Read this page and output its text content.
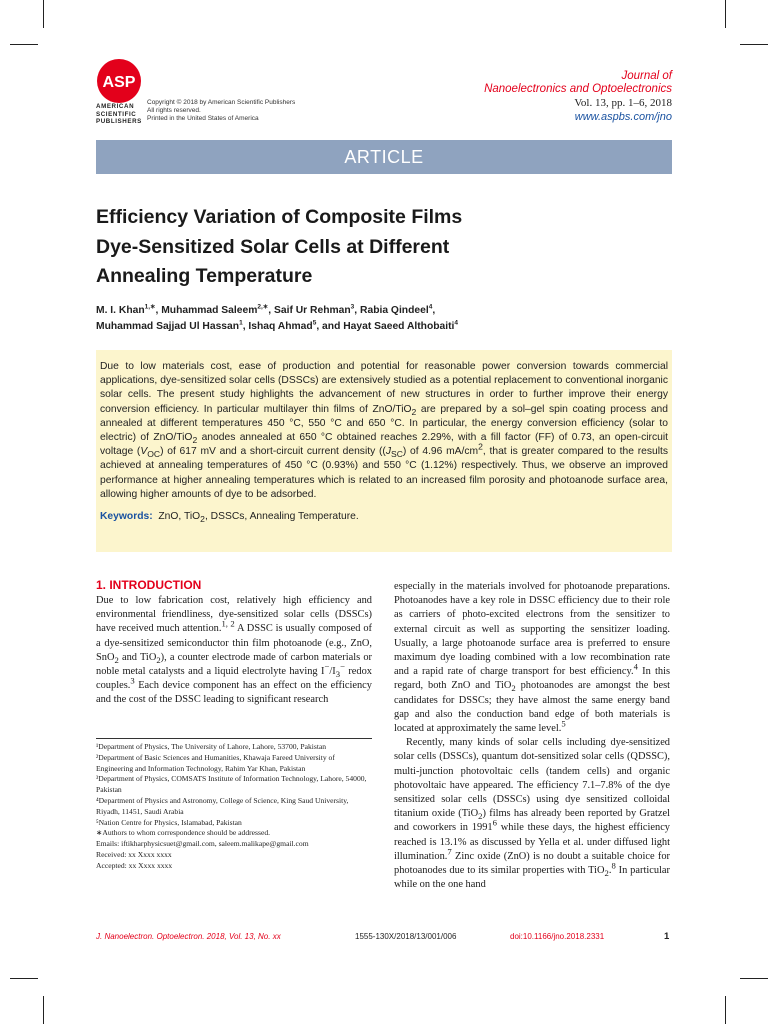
ASP
AMERICAN
SCIENTIFIC
PUBLISHERS
Copyright © 2018 by American Scientific Publishers
All rights reserved.
Printed in the United States of America
Journal of
Nanoelectronics and Optoelectronics
Vol. 13, pp. 1–6, 2018
www.aspbs.com/jno
ARTICLE
Efficiency Variation of Composite Films
Dye-Sensitized Solar Cells at Different
Annealing Temperature
M. I. Khan$^{1,∗}$, Muhammad Saleem$^{2,∗}$, Saif Ur Rehman$^3$, Rabia Qindeel$^4$,
Muhammad Sajjad Ul Hassan$^1$, Ishaq Ahmad$^5$, and Hayat Saeed Althobaiti$^4$

Due to low materials cost, ease of production and potential for reasonable power conversion towards commercial applications, dye-sensitized solar cells (DSSCs) are extensively studied as a potential replacement to conventional inorganic solar cells. The present study highlights the advancement of new structures in order to further improve their energy conversion efficiency. In particular multilayer thin films of ZnO/TiO$_2$ are prepared by a sol–gel spin coating process and annealed at different temperatures 450 °C, 550 °C and 650 °C. In particular, the energy conversion efficiency (solar to electric) of ZnO/TiO$_2$ anodes annealed at 650 °C obtained reaches 2.29%, with a fill factor (FF) of 0.73, an open-circuit voltage $(V_{OC})$ of 617 mV and a short-circuit current density ($(J_{SC})$ of 4.96 $mA/cm^2$, that is greater compared to the results achieved at annealing temperatures of 450 °C (0.93%) and 550 °C (1.12%) respectively. Thus, we observe an improved performance at higher annealing temperatures which is related to an increased film porosity and photoanode surface area, allowing higher amounts of dye to be adsorbed.

Keywords: ZnO, TiO$_2$, DSSCs, Annealing Temperature.

1. INTRODUCTION

Due to low fabrication cost, relatively high efficiency and environmental friendliness, dye-sensitized solar cells (DSSCs) have received much attention.$^{1, 2}$ A DSSC is usually composed of a dye-sensitized semiconductor thin film photoanode (e.g., ZnO, SnO$_2$ and TiO$_2$), a counter electrode made of carbon materials or noble metal catalysts and a liquid electrolyte having $I^-/I_3^-$ redox couples.$^3$ Each device component has an effect on the efficiency and the cost of the DSSC leading to significant research

¹Department of Physics, The University of Lahore, Lahore, 53700, Pakistan

²Department of Basic Sciences and Humanities, Khawaja Fareed University of Engineering and Information Technology, Rahim Yar Khan, Pakistan

³Department of Physics, COMSATS Institute of Information Technology, Lahore, 54000, Pakistan

⁴Department of Physics and Astronomy, College of Science, King Saud University, Riyadh, 11451, Saudi Arabia

⁵Nation Centre for Physics, Islamabad, Pakistan

∗Authors to whom correspondence should be addressed.

Emails: iftikharphysicsuet@gmail.com, saleem.malikape@gmail.com

Received: xx Xxxx xxxx

Accepted: xx Xxxx xxxx

especially in the materials involved for photoanode preparations. Photoanodes have a key role in DSSC efficiency due to their role as carriers of photo-excited electrons from the sensitizer to external circuit as well as supporting the sensitizer loading. Usually, a large photoanode surface area is preferred to ensure maximum dye loading combined with a low recombination rate and a rapid rate of charge transport for best efficiency.$^4$ In this regard, both ZnO and TiO$_2$ photoanodes are amongst the best candidates for DSSCs; they have almost the same energy band gap and also the conduction band edge of both materials is located at approximately the same level.$^5$

Recently, many kinds of solar cells including dye-sensitized solar cells (DSSCs), quantum dot-sensitized solar cells (QDSSC), multi-junction photovoltaic cells (tandem cells) and organic photovoltaic have appeared. The efficiency 7.1–7.8% of the dye sensitized solar cells (DSSCs) using dye sensitized colloidal titanium oxide (TiO$_2$) films has already been reported by Gratzel and coworkers in 1991$^6$ while these days, the highest efficiency reached is 13.1% as discussed by Yella et al. under diffused light illumination.$^7$ Zinc oxide (ZnO) is no doubt a suitable choice for photoanodes due to its similar properties with TiO$_2$.$^8$ In particular while on the one hand

J. Nanoelectron. Optoelectron. 2018, Vol. 13, No. xx	1555-130X/2018/13/001/006	doi:10.1166/jno.2018.2331	1
